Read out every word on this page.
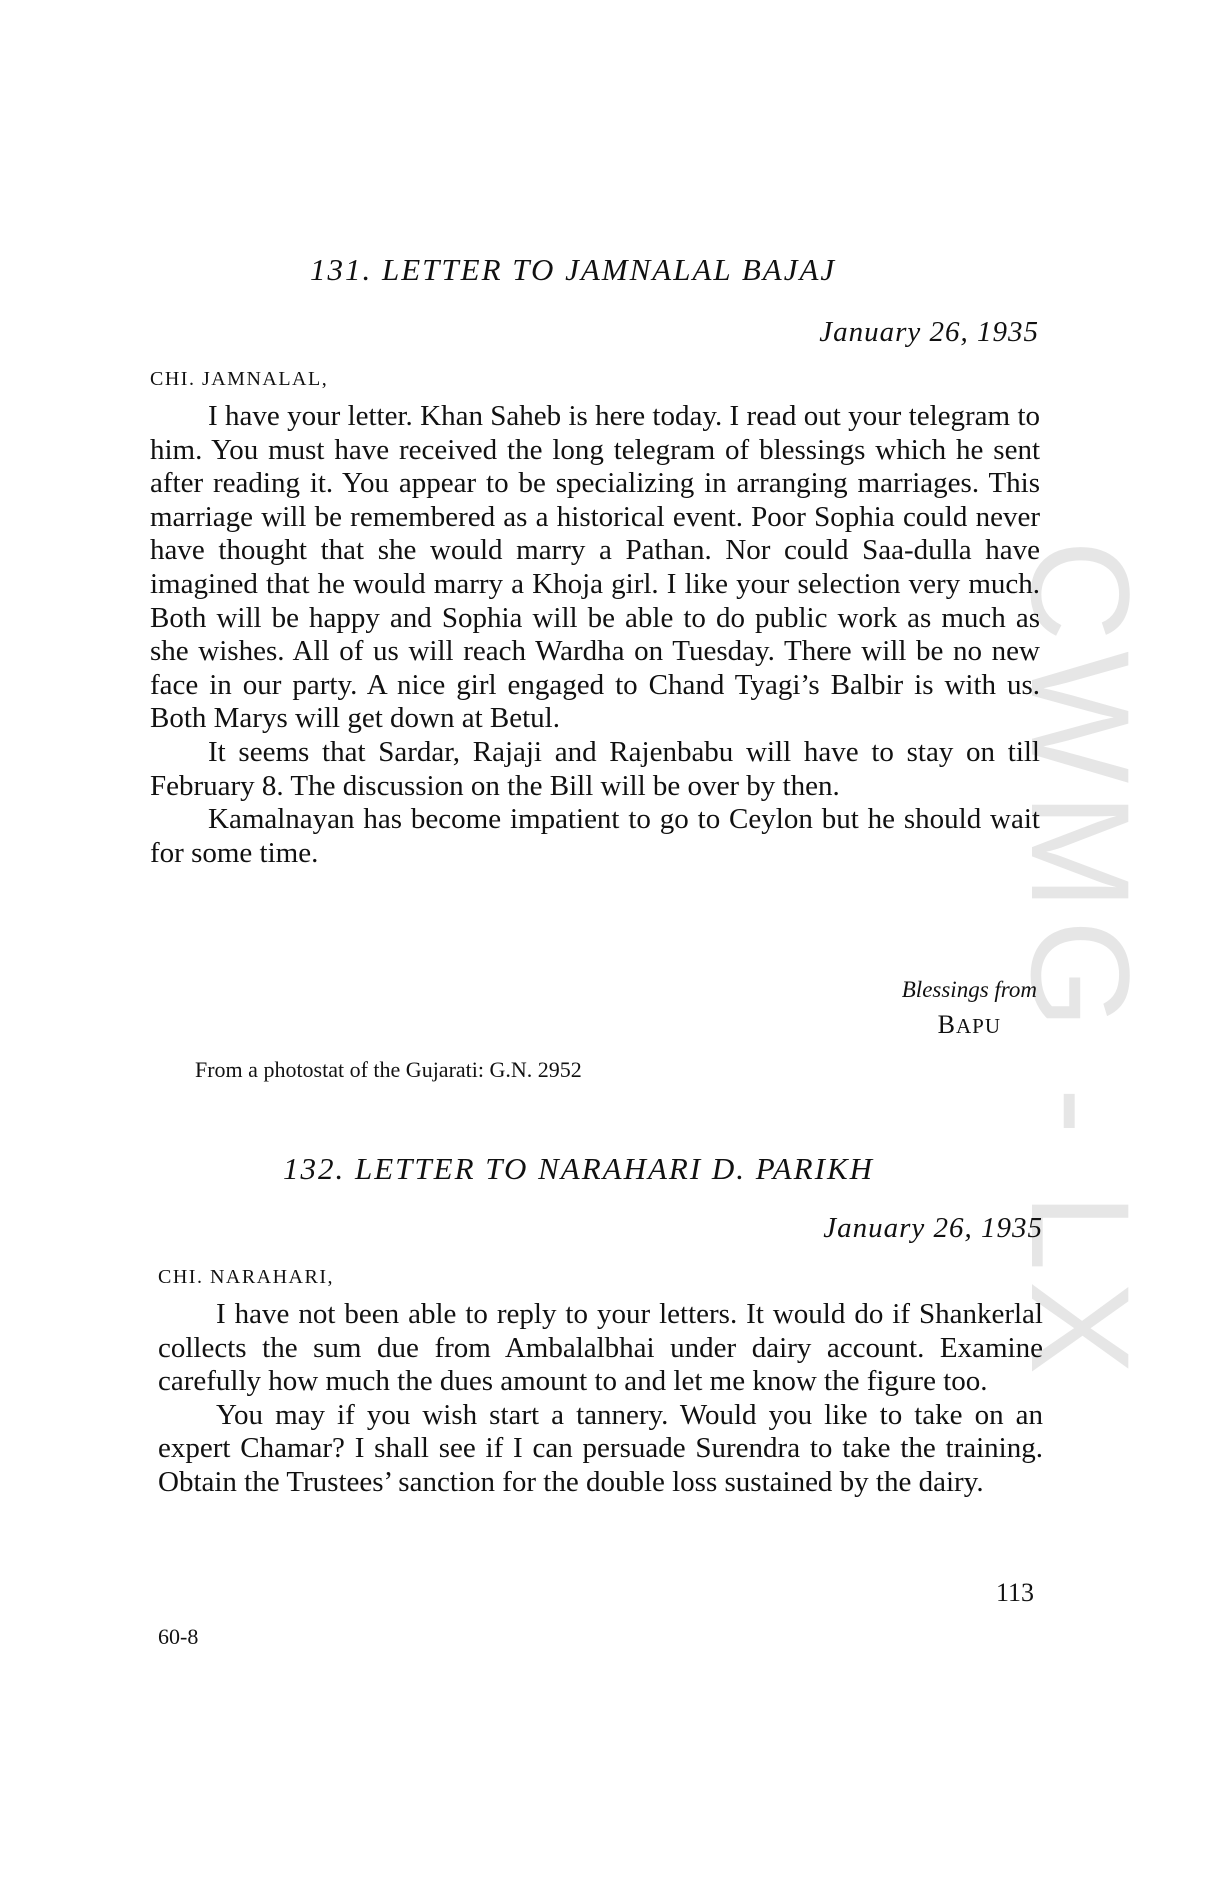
CWMG - LX
131. LETTER TO JAMNALAL BAJAJ
January 26, 1935
CHI. JAMNALAL,

I have your letter. Khan Saheb is here today. I read out your telegram to him. You must have received the long telegram of blessings which he sent after reading it. You appear to be specializing in arranging marriages. This marriage will be remembered as a historical event. Poor Sophia could never have thought that she would marry a Pathan. Nor could Saa-dulla have imagined that he would marry a Khoja girl. I like your selection very much. Both will be happy and Sophia will be able to do public work as much as she wishes. All of us will reach Wardha on Tuesday. There will be no new face in our party. A nice girl engaged to Chand Tyagi’s Balbir is with us. Both Marys will get down at Betul.

It seems that Sardar, Rajaji and Rajenbabu will have to stay on till February 8. The discussion on the Bill will be over by then.

Kamalnayan has become impatient to go to Ceylon but he should wait for some time.

Blessings from
BAPU
From a photostat of the Gujarati: G.N. 2952
132. LETTER TO NARAHARI D. PARIKH
January 26, 1935
CHI. NARAHARI,

I have not been able to reply to your letters. It would do if Shankerlal collects the sum due from Ambalalbhai under dairy account. Examine carefully how much the dues amount to and let me know the figure too.

You may if you wish start a tannery. Would you like to take on an expert Chamar? I shall see if I can persuade Surendra to take the training. Obtain the Trustees’ sanction for the double loss sustained by the dairy.

113
60-8
